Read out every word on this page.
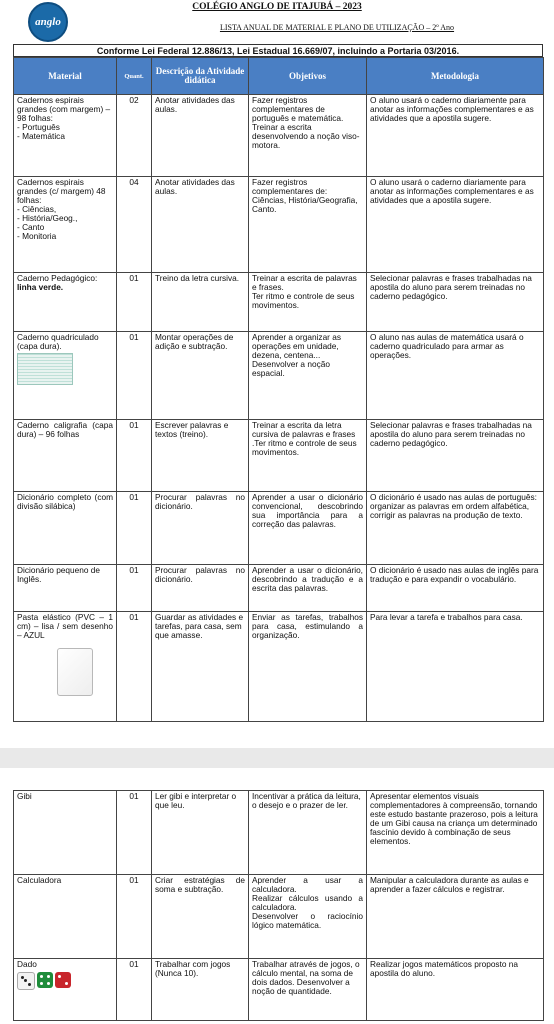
anglo
COLÉGIO ANGLO DE ITAJUBÁ – 2023
LISTA ANUAL DE MATERIAL E PLANO DE UTILIZAÇÃO – 2º Ano
Conforme Lei Federal 12.886/13, Lei Estadual 16.669/07, incluindo a Portaria 03/2016.
Material	Quant.	Descrição da Atividade didática	Objetivos	Metodologia
Cadernos espirais grandes (com margem) – 98 folhas:
- Português
- Matemática	02	Anotar atividades das aulas.	Fazer registros complementares de português e matemática.
Treinar a escrita desenvolvendo a noção viso-motora.	O aluno usará o caderno diariamente para anotar as informações complementares e as atividades que a apostila sugere.
Cadernos espirais grandes (c/ margem) 48 folhas:
- Ciências,
- História/Geog.,
- Canto
- Monitoria	04	Anotar atividades das aulas.	Fazer registros complementares de: Ciências, História/Geografia, Canto.	O aluno usará o caderno diariamente para anotar as informações complementares e as atividades que a apostila sugere.
Caderno Pedagógico: linha verde.	01	Treino da letra cursiva.	Treinar a escrita de palavras e frases.
Ter ritmo e controle de seus movimentos.	Selecionar palavras e frases trabalhadas na apostila do aluno para serem treinadas no caderno pedagógico.
Caderno quadriculado (capa dura).	01	Montar operações de adição e subtração.	Aprender a organizar as operações em unidade, dezena, centena...
Desenvolver a noção espacial.	O aluno nas aulas de matemática usará o caderno quadriculado para armar as operações.
Caderno caligrafia (capa dura) – 96 folhas	01	Escrever palavras e textos (treino).	Treinar a escrita da letra cursiva de palavras e frases .Ter ritmo e controle de seus movimentos.	Selecionar palavras e frases trabalhadas na apostila do aluno para serem treinadas no caderno pedagógico.
Dicionário completo (com divisão silábica)	01	Procurar palavras no dicionário.	Aprender a usar o dicionário convencional, descobrindo sua importância para a correção das palavras.	O dicionário é usado nas aulas de português: organizar as palavras em ordem alfabética, corrigir as palavras na produção de texto.
Dicionário pequeno de Inglês.	01	Procurar palavras no dicionário.	Aprender a usar o dicionário, descobrindo a tradução e a escrita das palavras.	O dicionário é usado nas aulas de inglês para tradução e para expandir o vocabulário.
Pasta elástico (PVC – 1 cm) – lisa / sem desenho – AZUL	01	Guardar as atividades e tarefas, para casa, sem que amasse.	Enviar as tarefas, trabalhos para casa, estimulando a organização.	Para levar a tarefa e trabalhos para casa.
Gibi	01	Ler gibi e interpretar o que leu.	Incentivar a prática da leitura, o desejo e o prazer de ler.	Apresentar elementos visuais complementadores à compreensão, tornando este estudo bastante prazeroso, pois a leitura de um Gibi causa na criança um determinado fascínio devido à combinação de seus elementos.
Calculadora	01	Criar estratégias de soma e subtração.	Aprender a usar a calculadora.
Realizar cálculos usando a calculadora.
Desenvolver o raciocínio lógico matemática.	Manipular a calculadora durante as aulas e aprender a fazer cálculos e registrar.
Dado	01	Trabalhar com jogos (Nunca 10).	Trabalhar através de jogos, o cálculo mental, na soma de dois dados. Desenvolver a noção de quantidade.	Realizar jogos matemáticos proposto na apostila do aluno.
